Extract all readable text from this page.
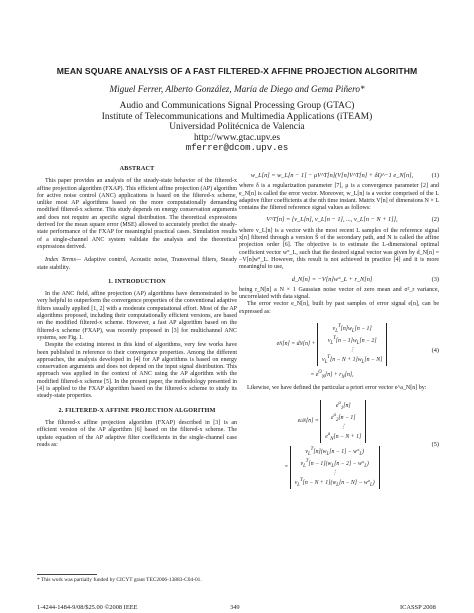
MEAN SQUARE ANALYSIS OF A FAST FILTERED-X AFFINE PROJECTION ALGORITHM
Miguel Ferrer, Alberto González, María de Diego and Gema Piñero*
Audio and Communications Signal Processing Group (GTAC)
Institute of Telecommunications and Multimedia Applications (iTEAM)
Universidad Politécnica de Valencia
http://www.gtac.upv.es
mferrer@dcom.upv.es
ABSTRACT

This paper provides an analysis of the steady-state behavior of the filtered-x affine projection algorithm (FXAP). This efficient affine projection (AP) algorithm for active noise control (ANC) applications is based on the filtered-x scheme, unlike most AP algorithms based on the more computationally demanding modified filtered-x scheme. This study depends on energy conservation arguments and does not require an specific signal distribution. The theoretical expressions derived for the mean square error (MSE) allowed to accurately predict the steady-state performance of the FXAP for meaningful practical cases. Simulation results of a single-channel ANC system validate the analysis and the theoretical expressions derived.

Index Terms— Adaptive control, Acoustic noise, Transversal filters, Steady state stability.

1. INTRODUCTION

In the ANC field, affine projection (AP) algorithms have demonstrated to be very helpful to outperform the convergence properties of the conventional adaptive filters usually applied [1, 2] with a moderate computational effort. Most of the AP algorithms proposed, including their computationally efficient versions, are based on the modified filtered-x scheme. However, a fast AP algorithm based on the filtered-x scheme (FXAP), was recently proposed in [3] for multichannel ANC systems, see Fig. 1.

Despite the existing interest in this kind of algorithms, very few works have been published in reference to their convergence properties. Among the different approaches, the analysis developed in [4] for AP algorithms is based on energy conservation arguments and does not depend on the input signal distribution. This approach was applied in the context of ANC using the AP algorithm with the modified filtered-x scheme [5]. In the present paper, the methodology presented in [4] is applied to the FXAP algorithm based on the filtered-x scheme to study its steady-state properties.

2. FILTERED-X AFFINE PROJECTION ALGORITHM

The filtered-x affine projection algorithm (FXAP) described in [3] is an efficient version of the AP algorithm [6] based on the filtered-x scheme. The update equation of the AP adaptive filter coefficients in the single-channel case reads as:

* This work was partially funded by CICYT grant TEC2006-13883-C04-01.
w_L[n] = w_L[n − 1] − μV^T[n](V[n]V^T[n] + δI)^−1 e_N[n],	(1)

where δ is a regularization parameter [7], μ is a convergence parameter [2] and e_N[n] is called the error vector. Moreover, w_L[n] is a vector comprised of the L adaptive filter coefficients at the nth time instant. Matrix V[n] of dimensions N × L contains the filtered reference signal values as follows:

V^T[n] = [v_L[n], v_L[n − 1], ..., v_L[n − N + 1]],	(2)

where v_L[n] is a vector with the most recent L samples of the reference signal x[n] filtered through a version Ŝ of the secondary path, and N is called the affine projection order [6]. The objective is to estimate the L-dimensional optimal coefficient vector w°_L, such that the desired signal vector was given by d_N[n] = −V[n]w°_L. However, this result is not achieved in practice [4] and it is more meaningful to use,

d_N[n] = −V[n]w°_L + r_N[n]	(3)

being r_N[n] a N × 1 Gaussian noise vector of zero mean and σ²_r variance, uncorrelated with data signal.

The error vector e_N[n], built by past samples of error signal e[n], can be expressed as:

e N [n] = d N [n] +
$v_L^T[n]w_L[n - 1]$
$v_L^T[n - 1]w_L[n - 2]$
⋮
$v_L^T[n - N + 1]w_L[n - N]$
= $e^O_N[n] + r_N[n]$,
(4)

Likewise, we have defined the particular a priori error vector e^a_N[n] by:

e a N [n] =
$e^a_1[n]$
$e^a_2[n - 1]$
⋮
$e^a_N[n - N + 1]$
=
$v_L^T[n](w_L[n - 1] - w^\circ_L)$
$v_L^T[n - 1](w_L[n - 2] - w^\circ_L)$
⋮
$v_L^T[n - N + 1](w_L[n - N] - w^\circ_L)$
(5)
1-4244-1484-9/08/$25.00 ©2008 IEEE	349	ICASSP 2008
